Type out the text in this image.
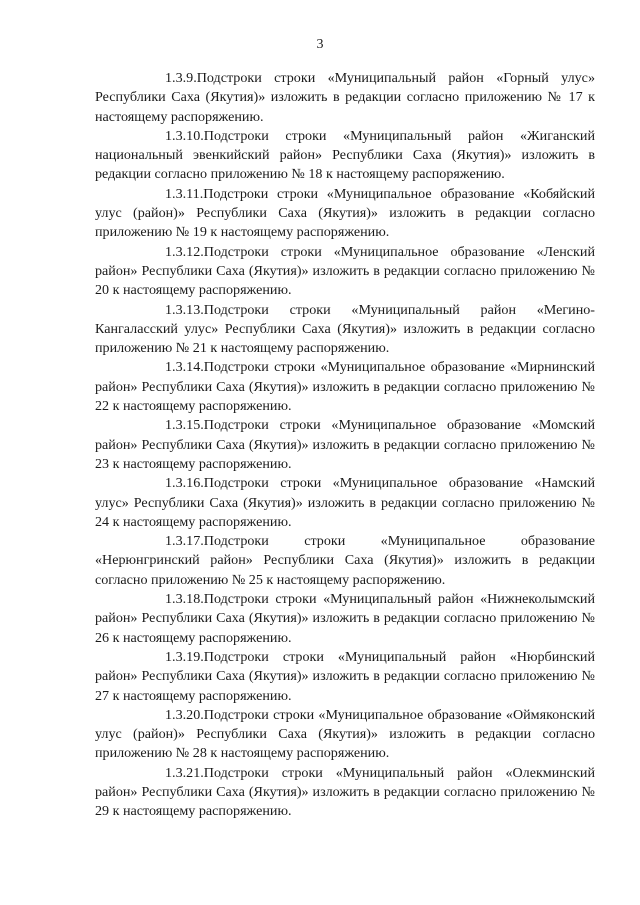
3

1.3.9.Подстроки строки «Муниципальный район «Горный улус» Республики Саха (Якутия)» изложить в редакции согласно приложению № 17 к настоящему распоряжению.

1.3.10.Подстроки строки «Муниципальный район «Жиганский национальный эвенкийский район» Республики Саха (Якутия)» изложить в редакции согласно приложению № 18 к настоящему распоряжению.

1.3.11.Подстроки строки «Муниципальное образование «Кобяйский улус (район)» Республики Саха (Якутия)» изложить в редакции согласно приложению № 19 к настоящему распоряжению.

1.3.12.Подстроки строки «Муниципальное образование «Ленский район» Республики Саха (Якутия)» изложить в редакции согласно приложению № 20 к настоящему распоряжению.

1.3.13.Подстроки строки «Муниципальный район «Мегино-Кангаласский улус» Республики Саха (Якутия)» изложить в редакции согласно приложению № 21 к настоящему распоряжению.

1.3.14.Подстроки строки «Муниципальное образование «Мирнинский район» Республики Саха (Якутия)» изложить в редакции согласно приложению № 22 к настоящему распоряжению.

1.3.15.Подстроки строки «Муниципальное образование «Момский район» Республики Саха (Якутия)» изложить в редакции согласно приложению № 23 к настоящему распоряжению.

1.3.16.Подстроки строки «Муниципальное образование «Намский улус» Республики Саха (Якутия)» изложить в редакции согласно приложению № 24 к настоящему распоряжению.

1.3.17.Подстроки строки «Муниципальное образование «Нерюнгринский район» Республики Саха (Якутия)» изложить в редакции согласно приложению № 25 к настоящему распоряжению.

1.3.18.Подстроки строки «Муниципальный район «Нижнеколымский район» Республики Саха (Якутия)» изложить в редакции согласно приложению № 26 к настоящему распоряжению.

1.3.19.Подстроки строки «Муниципальный район «Нюрбинский район» Республики Саха (Якутия)» изложить в редакции согласно приложению № 27 к настоящему распоряжению.

1.3.20.Подстроки строки «Муниципальное образование «Оймяконский улус (район)» Республики Саха (Якутия)» изложить в редакции согласно приложению № 28 к настоящему распоряжению.

1.3.21.Подстроки строки «Муниципальный район «Олекминский район» Республики Саха (Якутия)» изложить в редакции согласно приложению № 29 к настоящему распоряжению.
